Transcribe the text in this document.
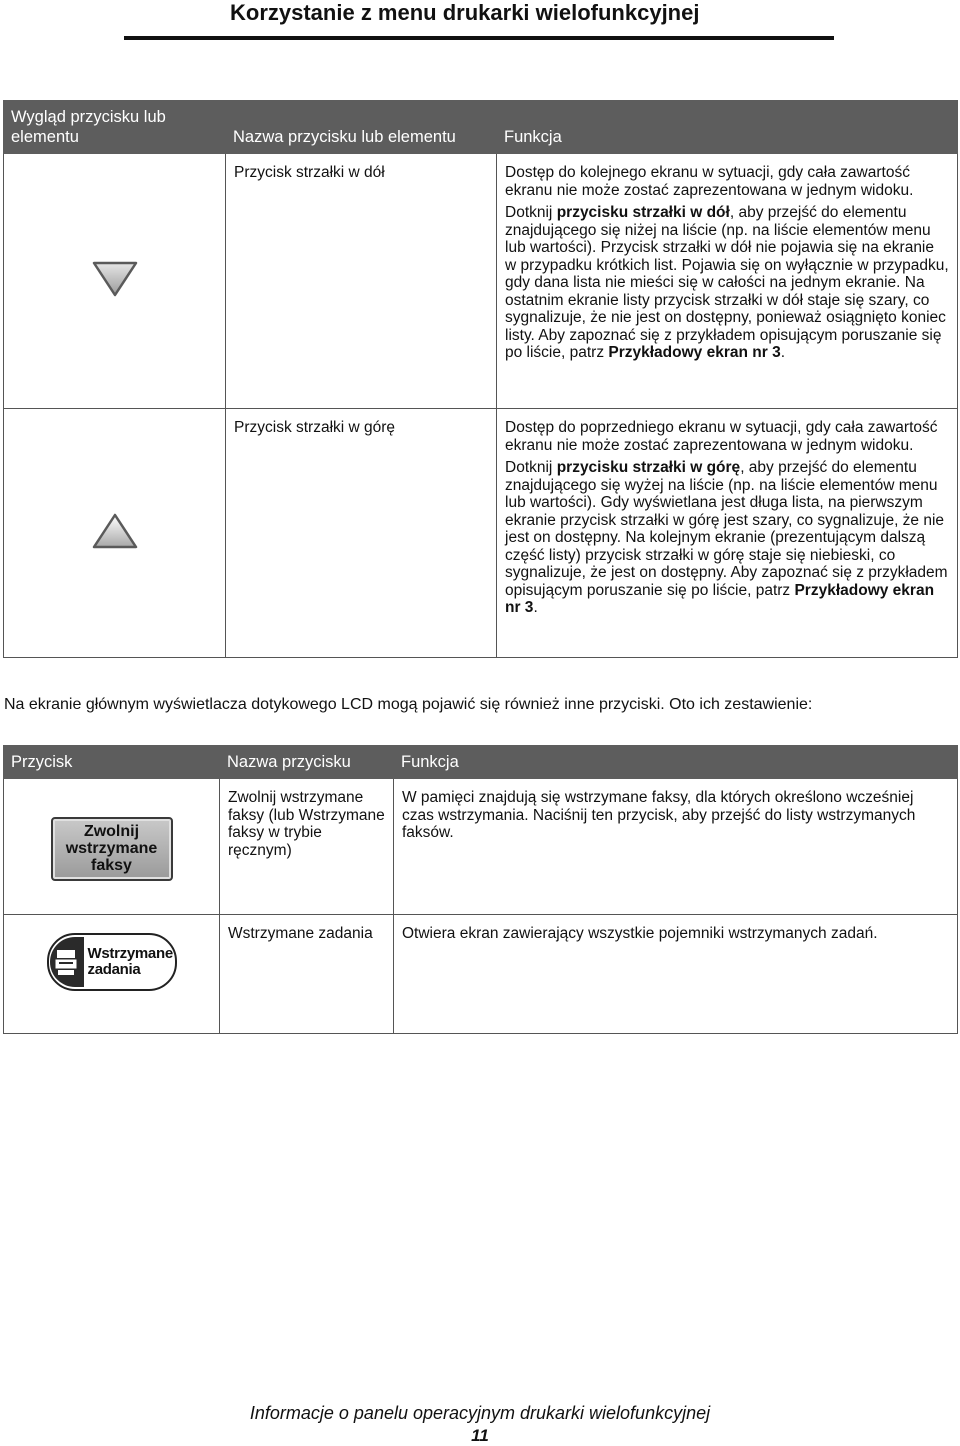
Korzystanie z menu drukarki wielofunkcyjnej
Wygląd przycisku lub elementu	Nazwa przycisku lub elementu	Funkcja
	Przycisk strzałki w dół	Dostęp do kolejnego ekranu w sytuacji, gdy cała zawartość ekranu nie może zostać zaprezentowana w jednym widoku.

Dotknij przycisku strzałki w dół, aby przejść do elementu znajdującego się niżej na liście (np. na liście elementów menu lub wartości). Przycisk strzałki w dół nie pojawia się na ekranie w przypadku krótkich list. Pojawia się on wyłącznie w przypadku, gdy dana lista nie mieści się w całości na jednym ekranie. Na ostatnim ekranie listy przycisk strzałki w dół staje się szary, co sygnalizuje, że nie jest on dostępny, ponieważ osiągnięto koniec listy. Aby zapoznać się z przykładem opisującym poruszanie się po liście, patrz Przykładowy ekran nr 3.

	Przycisk strzałki w górę	Dostęp do poprzedniego ekranu w sytuacji, gdy cała zawartość ekranu nie może zostać zaprezentowana w jednym widoku.

Dotknij przycisku strzałki w górę, aby przejść do elementu znajdującego się wyżej na liście (np. na liście elementów menu lub wartości). Gdy wyświetlana jest długa lista, na pierwszym ekranie przycisk strzałki w górę jest szary, co sygnalizuje, że nie jest on dostępny. Na kolejnym ekranie (prezentującym dalszą część listy) przycisk strzałki w górę staje się niebieski, co sygnalizuje, że jest on dostępny. Aby zapoznać się z przykładem opisującym poruszanie się po liście, patrz Przykładowy ekran nr 3.

Na ekranie głównym wyświetlacza dotykowego LCD mogą pojawić się również inne przyciski. Oto ich zestawienie:
Przycisk	Nazwa przycisku	Funkcja
Zwolnij wstrzymane faksy	Zwolnij wstrzymane faksy (lub Wstrzymane faksy w trybie ręcznym)	W pamięci znajdują się wstrzymane faksy, dla których określono wcześniej czas wstrzymania. Naciśnij ten przycisk, aby przejść do listy wstrzymanych faksów.

Wstrzymane
zadania	Wstrzymane zadania	Otwiera ekran zawierający wszystkie pojemniki wstrzymanych zadań.
Informacje o panelu operacyjnym drukarki wielofunkcyjnej
11
